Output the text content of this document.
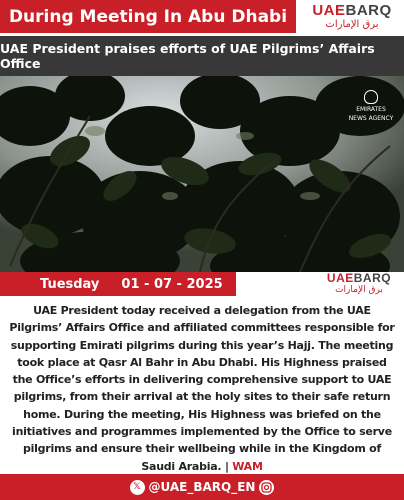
During Meeting In Abu Dhabi	UAEBARQ
برق الإمارات
UAE President praises efforts of UAE Pilgrims’ Affairs Office
EMIRATES
NEWS AGENCY
Tuesday 01 - 07 - 2025	UAEBARQ
برق الإمارات
UAE President today received a delegation from the UAE Pilgrims’ Affairs Office and affiliated committees responsible for supporting Emirati pilgrims during this year’s Hajj. The meeting took place at Qasr Al Bahr in Abu Dhabi. His Highness praised the Office’s efforts in delivering comprehensive support to UAE pilgrims, from their arrival at the holy sites to their safe return home. During the meeting, His Highness was briefed on the initiatives and programmes implemented by the Office to serve pilgrims and ensure their wellbeing while in the Kingdom of Saudi Arabia. | WAM
𝕏 @UAE_BARQ_EN
